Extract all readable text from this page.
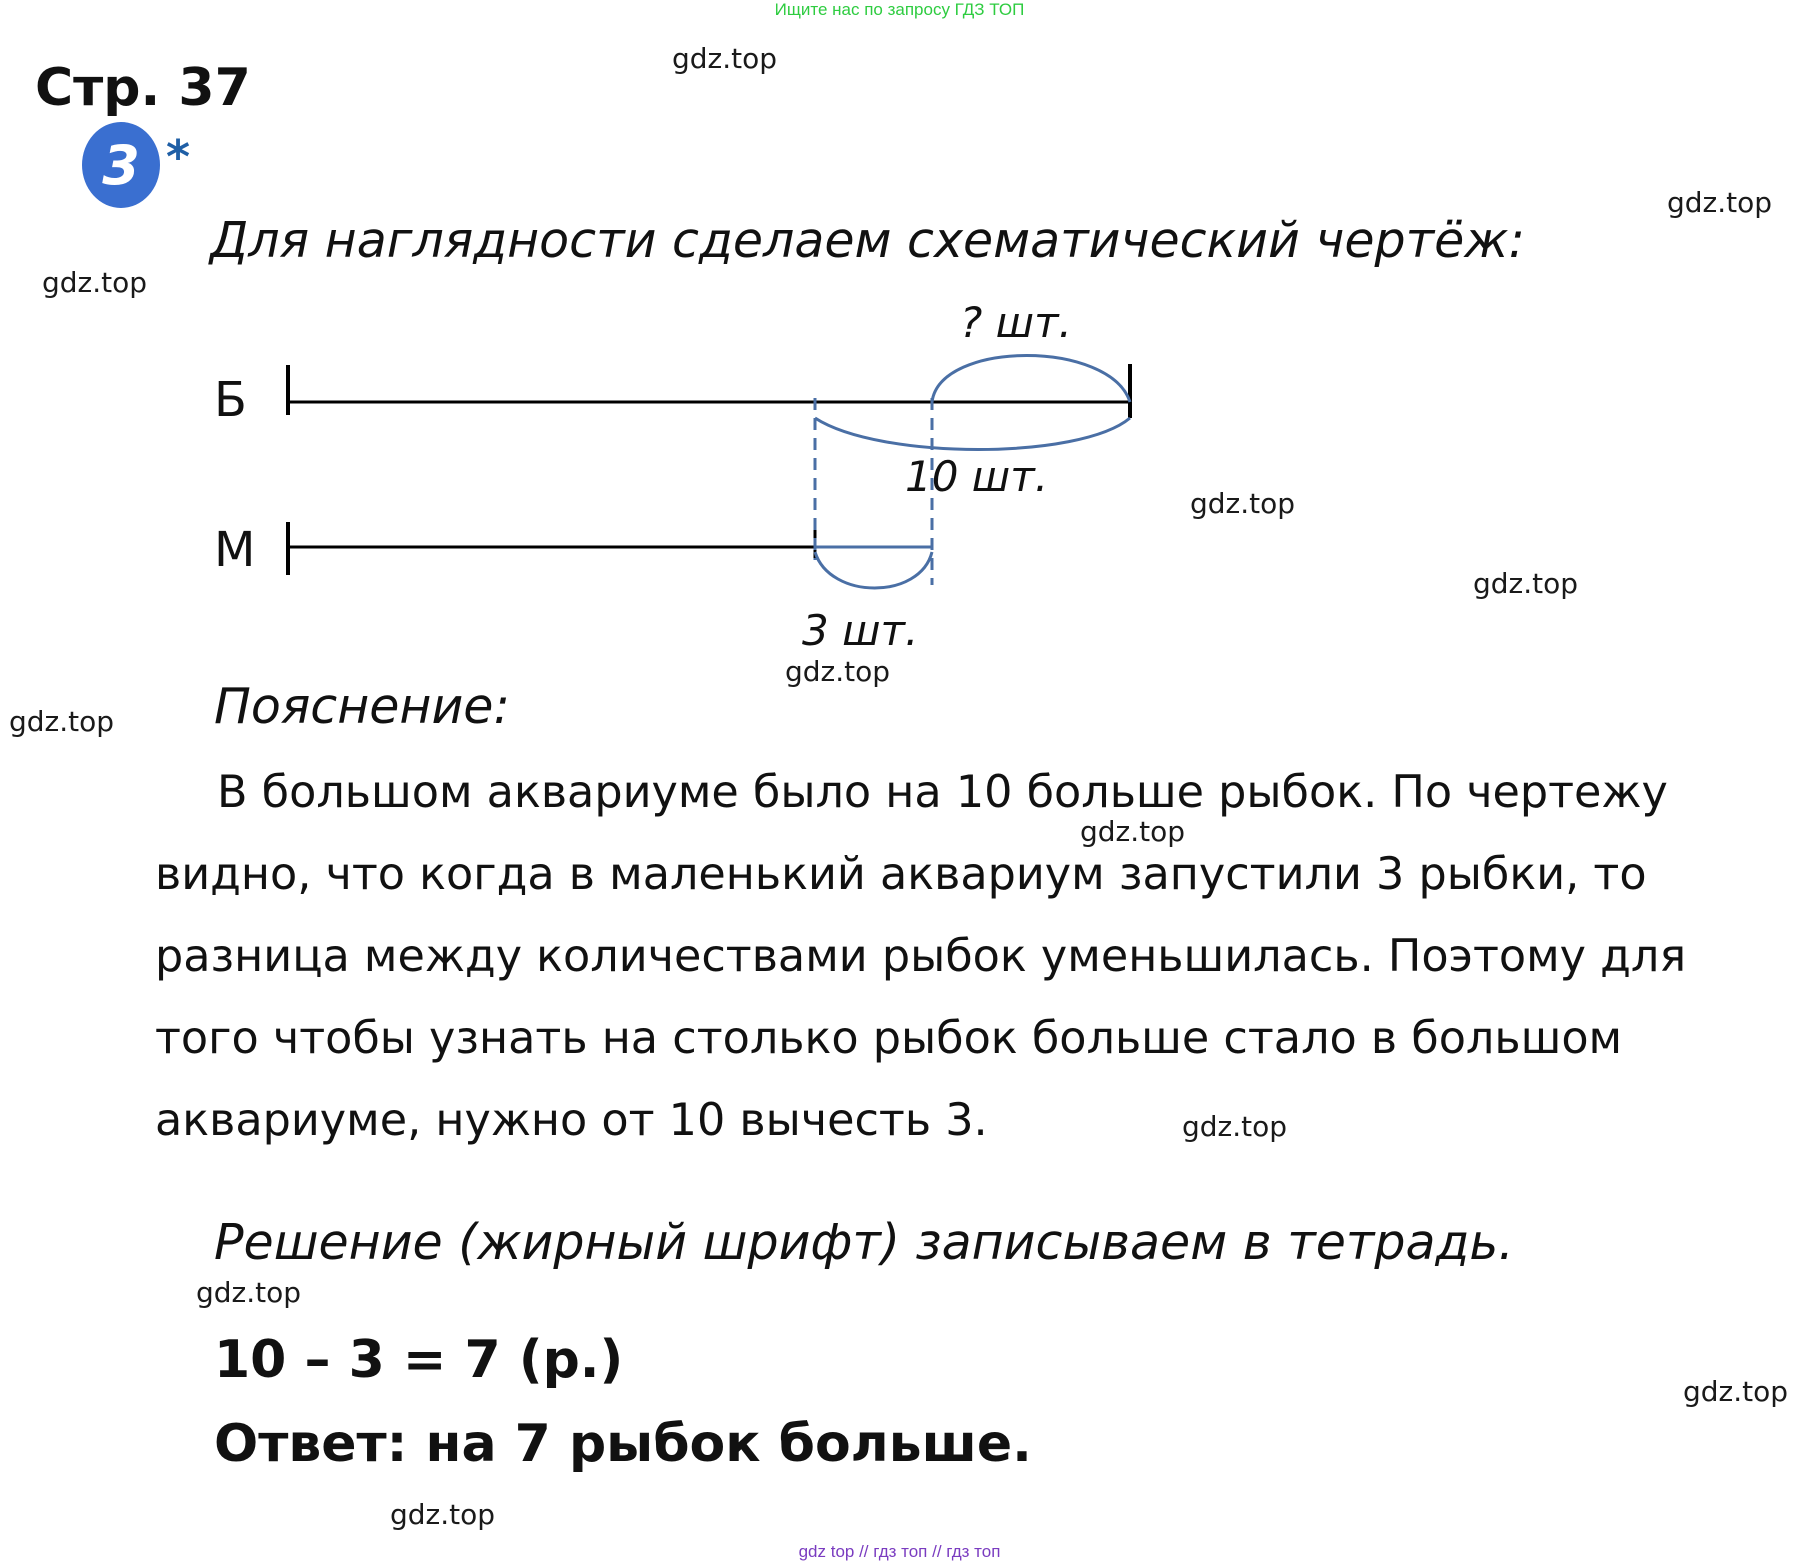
Ищите нас по запросу ГДЗ ТОП
gdz.top
gdz.top
gdz.top
gdz.top
gdz.top
gdz.top
gdz.top
gdz.top
gdz.top
gdz.top
gdz.top
gdz.top
Стр. 37
3 *
Для наглядности сделаем схематический чертёж:
Б
М
? шт.
10 шт.
3 шт.
Пояснение:

В большом аквариуме было на 10 больше рыбок. По чертежу видно, что когда в маленький аквариум запустили 3 рыбки, то разница между количествами рыбок уменьшилась. Поэтому для того чтобы узнать на столько рыбок больше стало в большом аквариуме, нужно от 10 вычесть 3.

Решение (жирный шрифт) записываем в тетрадь.
10 – 3 = 7 (р.)
Ответ: на 7 рыбок больше.
gdz top // гдз топ // гдз топ
